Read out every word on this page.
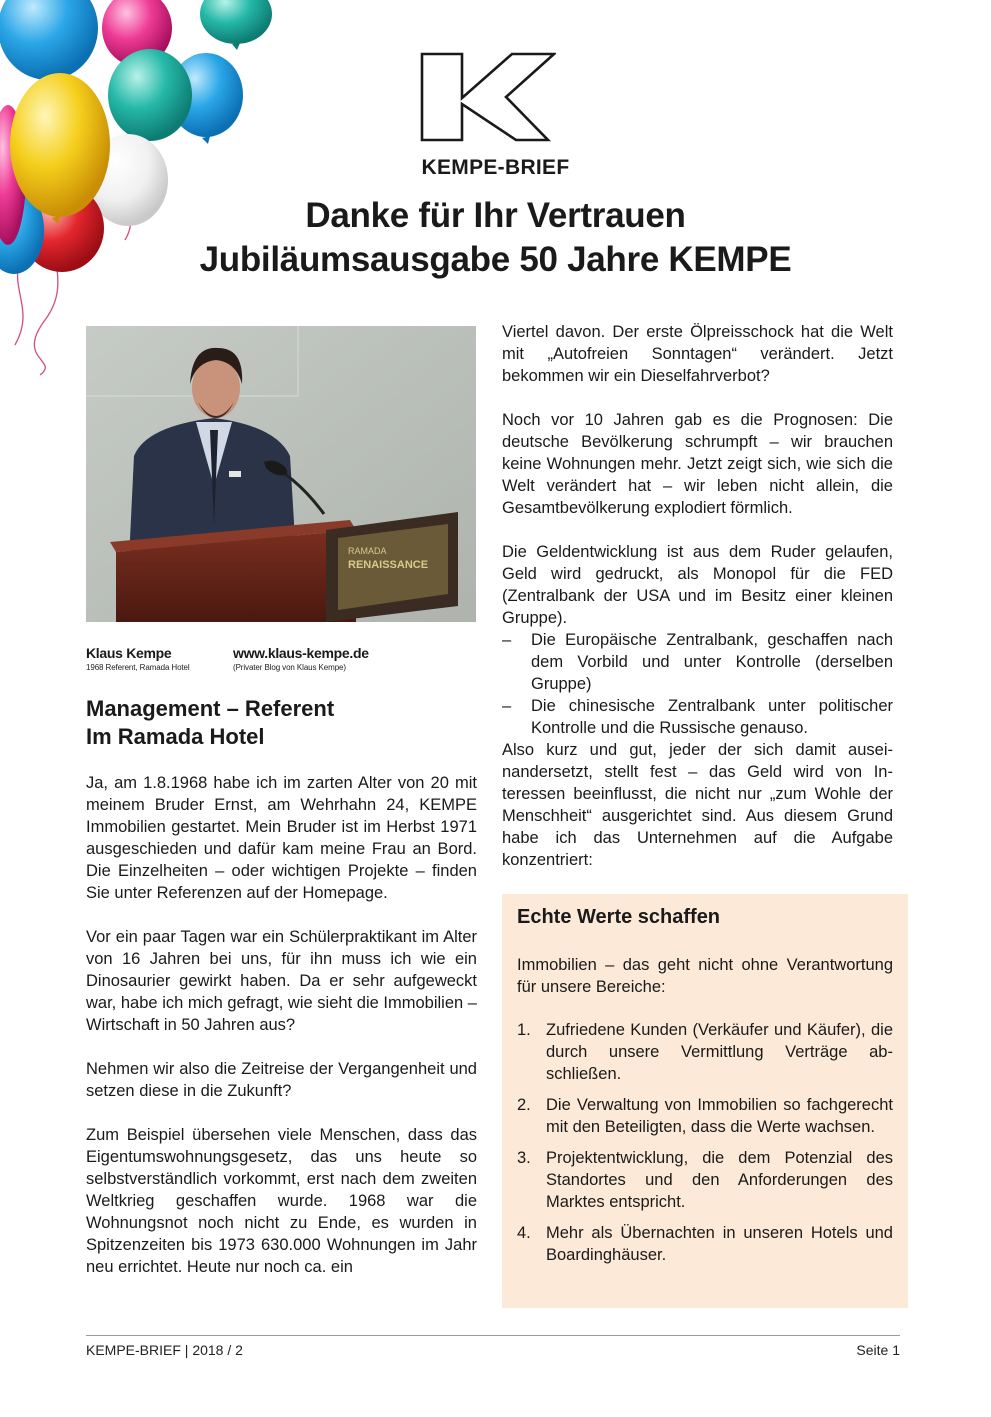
KEMPE-BRIEF
Danke für Ihr Vertrauen
Jubiläumsausgabe 50 Jahre KEMPE
RAMADA
RENAISSANCE
Klaus Kempe
1968 Referent, Ramada Hotel
www.klaus-kempe.de
(Privater Blog von Klaus Kempe)
Management – Referent
Im Ramada Hotel

Ja, am 1.8.1968 habe ich im zarten Alter von 20 mit meinem Bruder Ernst, am Wehrhahn 24, KEMPE Immobilien gestartet. Mein Bruder ist im Herbst 1971 ausgeschieden und dafür kam meine Frau an Bord. Die Einzelheiten – oder wichtigen Projekte – finden Sie unter Referenzen auf der Homepage.

Vor ein paar Tagen war ein Schülerpraktikant im Alter von 16 Jahren bei uns, für ihn muss ich wie ein Dinosaurier gewirkt haben. Da er sehr aufgeweckt war, habe ich mich gefragt, wie sieht die Immobilien – Wirtschaft in 50 Jahren aus?

Nehmen wir also die Zeitreise der Vergangenheit und setzen diese in die Zukunft?

Zum Beispiel übersehen viele Menschen, dass das Eigentumswohnungsgesetz, das uns heute so selbstverständlich vorkommt, erst nach dem zweiten Weltkrieg geschaffen wurde. 1968 war die Wohnungsnot noch nicht zu Ende, es wurden in Spitzenzeiten bis 1973 630.000 Wohnungen im Jahr neu errichtet. Heute nur noch ca. ein

Viertel davon. Der erste Ölpreisschock hat die Welt mit „Autofreien Sonntagen“ verändert. Jetzt bekommen wir ein Dieselfahrverbot?

Noch vor 10 Jahren gab es die Prognosen: Die deutsche Bevölkerung schrumpft – wir brauchen keine Wohnungen mehr. Jetzt zeigt sich, wie sich die Welt verändert hat – wir leben nicht allein, die Gesamtbevölkerung explodiert förmlich.

Die Geldentwicklung ist aus dem Ruder gelaufen, Geld wird gedruckt, als Monopol für die FED (Zentralbank der USA und im Besitz einer kleinen Gruppe).

– Die Europäische Zentralbank, geschaffen nach dem Vorbild und unter Kontrolle (derselben Gruppe)
– Die chinesische Zentralbank unter politischer Kontrolle und die Russische genauso.

Also kurz und gut, jeder der sich damit auseinandersetzt, stellt fest – das Geld wird von Interessen beeinflusst, die nicht nur „zum Wohle der Menschheit“ ausgerichtet sind. Aus diesem Grund habe ich das Unternehmen auf die Aufgabe konzentriert:

Echte Werte schaffen
Immobilien – das geht nicht ohne Verantwortung für unsere Bereiche:
1. Zufriedene Kunden (Verkäufer und Käufer), die durch unsere Vermittlung Verträge abschließen.
2. Die Verwaltung von Immobilien so fachgerecht mit den Beteiligten, dass die Werte wachsen.
3. Projektentwicklung, die dem Potenzial des Standortes und den Anforderungen des Marktes entspricht.
4. Mehr als Übernachten in unseren Hotels und Boardinghäuser.
KEMPE-BRIEF | 2018 / 2	Seite 1
